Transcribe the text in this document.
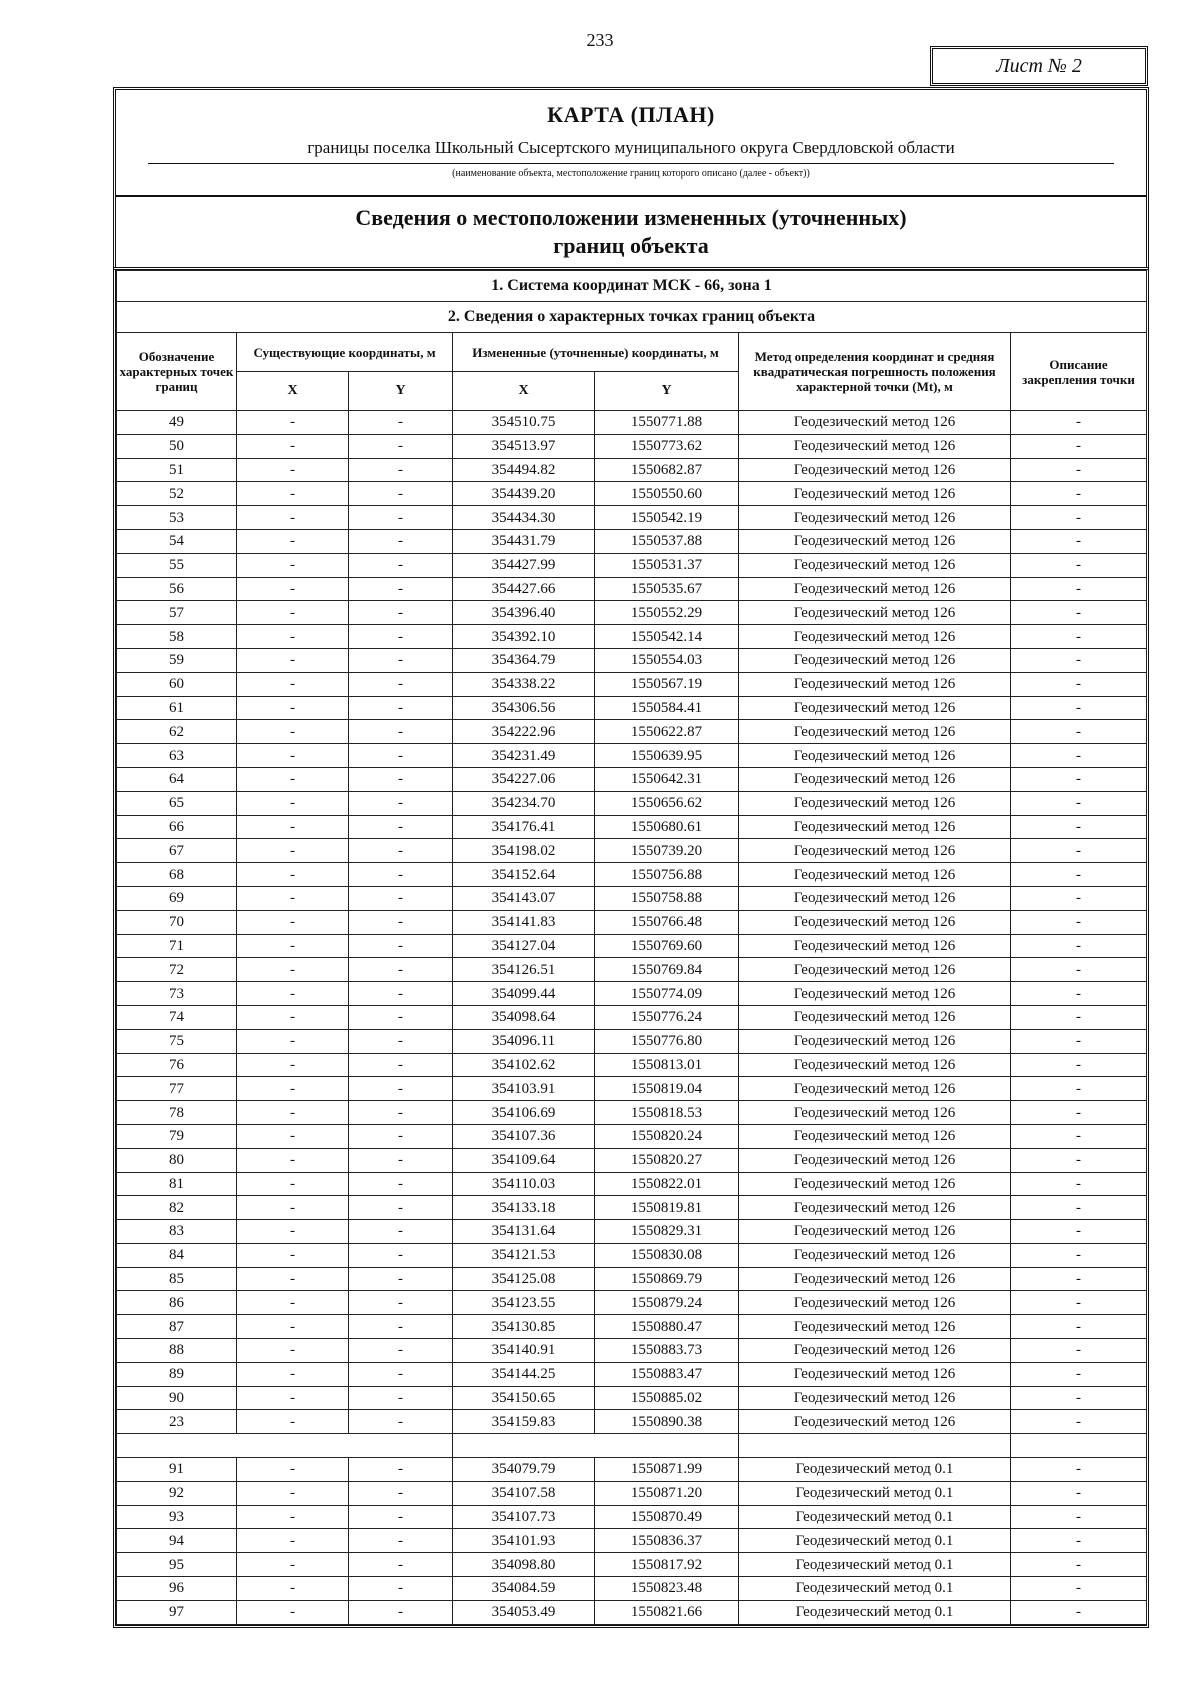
233
Лист № 2
КАРТА (ПЛАН)
границы поселка Школьный Сысертского муниципального округа Свердловской области
(наименование объекта, местоположение границ которого описано (далее - объект))
Сведения о местоположении измененных (уточненных) границ объекта
1. Система координат МСК - 66, зона 1						
2. Сведения о характерных точках границ объекта						
Обозначение характерных точек границ	Существующие координаты, м		Измененные (уточненные) координаты, м		Метод определения координат и средняя квадратическая погрешность положения характерной точки (Mt), м	Описание закрепления точки
	X	Y	X	Y		
49	-	-	354510.75	1550771.88	Геодезический метод 126	-
50	-	-	354513.97	1550773.62	Геодезический метод 126	-
51	-	-	354494.82	1550682.87	Геодезический метод 126	-
52	-	-	354439.20	1550550.60	Геодезический метод 126	-
53	-	-	354434.30	1550542.19	Геодезический метод 126	-
54	-	-	354431.79	1550537.88	Геодезический метод 126	-
55	-	-	354427.99	1550531.37	Геодезический метод 126	-
56	-	-	354427.66	1550535.67	Геодезический метод 126	-
57	-	-	354396.40	1550552.29	Геодезический метод 126	-
58	-	-	354392.10	1550542.14	Геодезический метод 126	-
59	-	-	354364.79	1550554.03	Геодезический метод 126	-
60	-	-	354338.22	1550567.19	Геодезический метод 126	-
61	-	-	354306.56	1550584.41	Геодезический метод 126	-
62	-	-	354222.96	1550622.87	Геодезический метод 126	-
63	-	-	354231.49	1550639.95	Геодезический метод 126	-
64	-	-	354227.06	1550642.31	Геодезический метод 126	-
65	-	-	354234.70	1550656.62	Геодезический метод 126	-
66	-	-	354176.41	1550680.61	Геодезический метод 126	-
67	-	-	354198.02	1550739.20	Геодезический метод 126	-
68	-	-	354152.64	1550756.88	Геодезический метод 126	-
69	-	-	354143.07	1550758.88	Геодезический метод 126	-
70	-	-	354141.83	1550766.48	Геодезический метод 126	-
71	-	-	354127.04	1550769.60	Геодезический метод 126	-
72	-	-	354126.51	1550769.84	Геодезический метод 126	-
73	-	-	354099.44	1550774.09	Геодезический метод 126	-
74	-	-	354098.64	1550776.24	Геодезический метод 126	-
75	-	-	354096.11	1550776.80	Геодезический метод 126	-
76	-	-	354102.62	1550813.01	Геодезический метод 126	-
77	-	-	354103.91	1550819.04	Геодезический метод 126	-
78	-	-	354106.69	1550818.53	Геодезический метод 126	-
79	-	-	354107.36	1550820.24	Геодезический метод 126	-
80	-	-	354109.64	1550820.27	Геодезический метод 126	-
81	-	-	354110.03	1550822.01	Геодезический метод 126	-
82	-	-	354133.18	1550819.81	Геодезический метод 126	-
83	-	-	354131.64	1550829.31	Геодезический метод 126	-
84	-	-	354121.53	1550830.08	Геодезический метод 126	-
85	-	-	354125.08	1550869.79	Геодезический метод 126	-
86	-	-	354123.55	1550879.24	Геодезический метод 126	-
87	-	-	354130.85	1550880.47	Геодезический метод 126	-
88	-	-	354140.91	1550883.73	Геодезический метод 126	-
89	-	-	354144.25	1550883.47	Геодезический метод 126	-
90	-	-	354150.65	1550885.02	Геодезический метод 126	-
23	-	-	354159.83	1550890.38	Геодезический метод 126	-

91	-	-	354079.79	1550871.99	Геодезический метод 0.1	-
92	-	-	354107.58	1550871.20	Геодезический метод 0.1	-
93	-	-	354107.73	1550870.49	Геодезический метод 0.1	-
94	-	-	354101.93	1550836.37	Геодезический метод 0.1	-
95	-	-	354098.80	1550817.92	Геодезический метод 0.1	-
96	-	-	354084.59	1550823.48	Геодезический метод 0.1	-
97	-	-	354053.49	1550821.66	Геодезический метод 0.1	-
